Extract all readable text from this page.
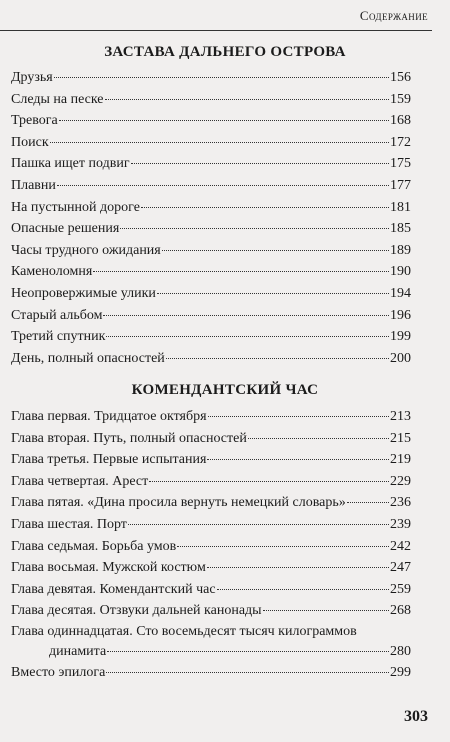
Содержание
ЗАСТАВА ДАЛЬНЕГО ОСТРОВА
Друзья	156
Следы на песке	159
Тревога	168
Поиск	172
Пашка ищет подвиг	175
Плавни	177
На пустынной дороге	181
Опасные решения	185
Часы трудного ожидания	189
Каменоломня	190
Неопровержимые улики	194
Старый альбом	196
Третий спутник	199
День, полный опасностей	200
КОМЕНДАНТСКИЙ ЧАС
Глава первая. Тридцатое октября	213
Глава вторая. Путь, полный опасностей	215
Глава третья. Первые испытания	219
Глава четвертая. Арест	229
Глава пятая. «Дина просила вернуть немецкий словарь»	236
Глава шестая. Порт	239
Глава седьмая. Борьба умов	242
Глава восьмая. Мужской костюм	247
Глава девятая. Комендантский час	259
Глава десятая. Отзвуки дальней канонады	268
Глава одиннадцатая. Сто восемьдесят тысяч килограммов
динамита	280
Вместо эпилога	299
303
